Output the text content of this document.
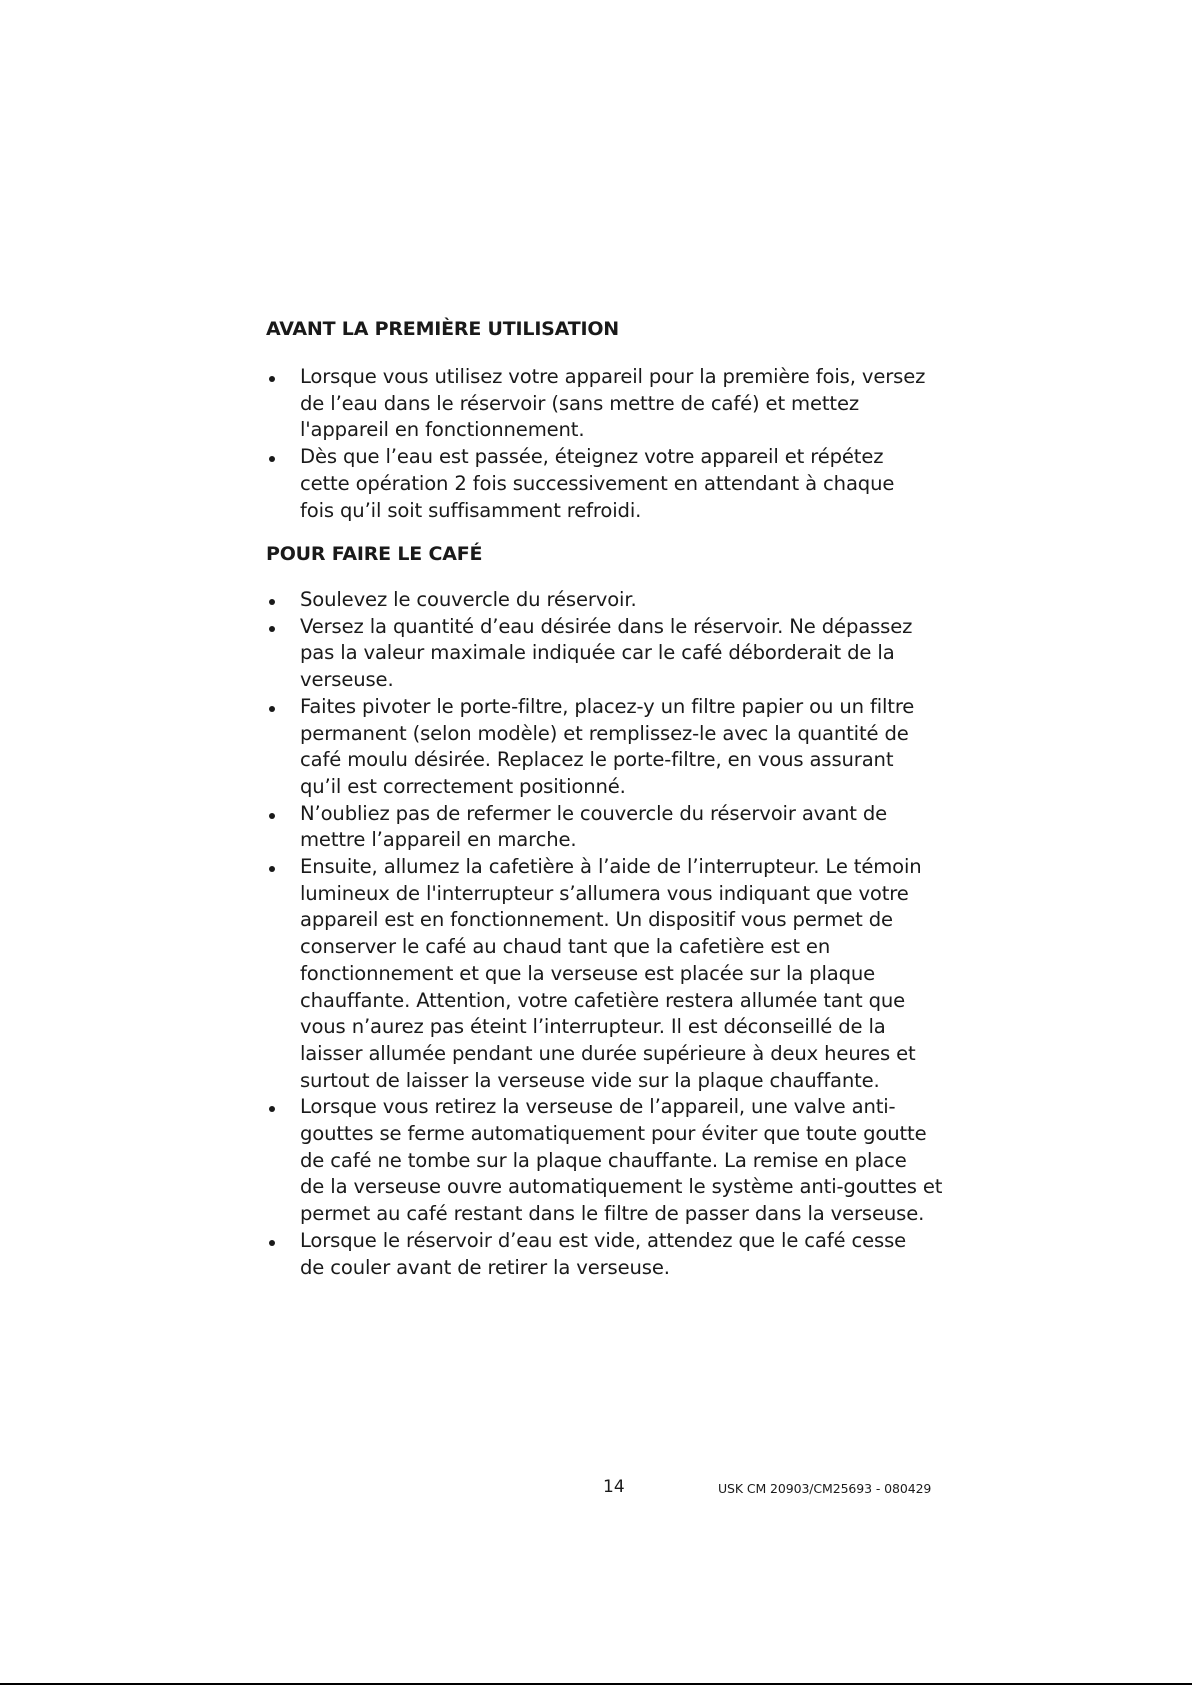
AVANT LA PREMIÈRE UTILISATION
Lorsque vous utilisez votre appareil pour la première fois, versez
de l’eau dans le réservoir (sans mettre de café) et mettez
l'appareil en fonctionnement.
Dès que l’eau est passée, éteignez votre appareil et répétez
cette opération 2 fois successivement en attendant à chaque
fois qu’il soit suffisamment refroidi.
POUR FAIRE LE CAFÉ
Soulevez le couvercle du réservoir.
Versez la quantité d’eau désirée dans le réservoir. Ne dépassez
pas la valeur maximale indiquée car le café déborderait de la
verseuse.
Faites pivoter le porte-filtre, placez-y un filtre papier ou un filtre
permanent (selon modèle) et remplissez-le avec la quantité de
café moulu désirée. Replacez le porte-filtre, en vous assurant
qu’il est correctement positionné.
N’oubliez pas de refermer le couvercle du réservoir avant de
mettre l’appareil en marche.
Ensuite, allumez la cafetière à l’aide de l’interrupteur. Le témoin
lumineux de l'interrupteur s’allumera vous indiquant que votre
appareil est en fonctionnement. Un dispositif vous permet de
conserver le café au chaud tant que la cafetière est en
fonctionnement et que la verseuse est placée sur la plaque
chauffante. Attention, votre cafetière restera allumée tant que
vous n’aurez pas éteint l’interrupteur. Il est déconseillé de la
laisser allumée pendant une durée supérieure à deux heures et
surtout de laisser la verseuse vide sur la plaque chauffante.
Lorsque vous retirez la verseuse de l’appareil, une valve anti-
gouttes se ferme automatiquement pour éviter que toute goutte
de café ne tombe sur la plaque chauffante. La remise en place
de la verseuse ouvre automatiquement le système anti-gouttes et
permet au café restant dans le filtre de passer dans la verseuse.
Lorsque le réservoir d’eau est vide, attendez que le café cesse
de couler avant de retirer la verseuse.
14	USK CM 20903/CM25693 - 080429
